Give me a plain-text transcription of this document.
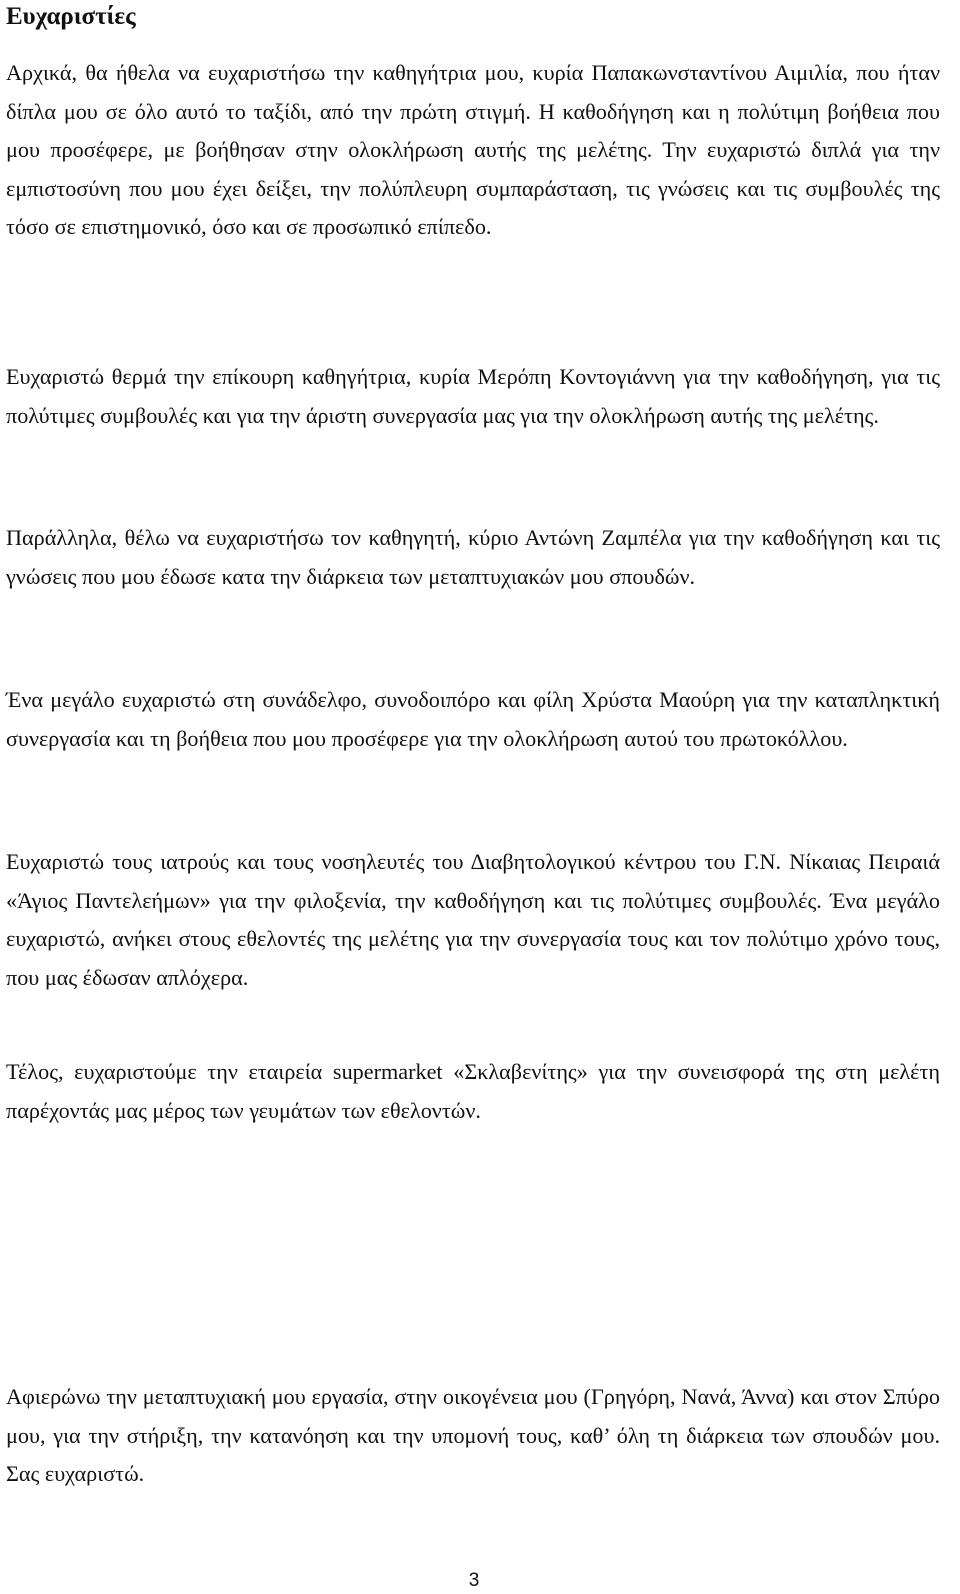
Ευχαριστίες

Αρχικά, θα ήθελα να ευχαριστήσω την καθηγήτρια μου, κυρία Παπακωνσταντίνου Αιμιλία, που ήταν δίπλα μου σε όλο αυτό το ταξίδι, από την πρώτη στιγμή. Η καθοδήγηση και η πολύτιμη βοήθεια που μου προσέφερε, με βοήθησαν στην ολοκλήρωση αυτής της μελέτης. Την ευχαριστώ διπλά για την εμπιστοσύνη που μου έχει δείξει, την πολύπλευρη συμπαράσταση, τις γνώσεις και τις συμβουλές της τόσο σε επιστημονικό, όσο και σε προσωπικό επίπεδο.

Ευχαριστώ θερμά την επίκουρη καθηγήτρια, κυρία Μερόπη Κοντογιάννη για την καθοδήγηση, για τις πολύτιμες συμβουλές και για την άριστη συνεργασία μας για την ολοκλήρωση αυτής της μελέτης.

Παράλληλα, θέλω να ευχαριστήσω τον καθηγητή, κύριο Αντώνη Ζαμπέλα για την καθοδήγηση και τις γνώσεις που μου έδωσε κατα την διάρκεια των μεταπτυχιακών μου σπουδών.

Ένα μεγάλο ευχαριστώ στη συνάδελφο, συνοδοιπόρο και φίλη Χρύστα Μαούρη για την καταπληκτική συνεργασία και τη βοήθεια που μου προσέφερε για την ολοκλήρωση αυτού του πρωτοκόλλου.

Ευχαριστώ τους ιατρούς και τους νοσηλευτές του Διαβητολογικού κέντρου του Γ.Ν. Νίκαιας Πειραιά «Άγιος Παντελεήμων» για την φιλοξενία, την καθοδήγηση και τις πολύτιμες συμβουλές. Ένα μεγάλο ευχαριστώ, ανήκει στους εθελοντές της μελέτης για την συνεργασία τους και τον πολύτιμο χρόνο τους, που μας έδωσαν απλόχερα.

Τέλος, ευχαριστούμε την εταιρεία supermarket «Σκλαβενίτης» για την συνεισφορά της στη μελέτη παρέχοντάς μας μέρος των γευμάτων των εθελοντών.

Αφιερώνω την μεταπτυχιακή μου εργασία, στην οικογένεια μου (Γρηγόρη, Νανά, Άννα) και στον Σπύρο μου, για την στήριξη, την κατανόηση και την υπομονή τους, καθ’ όλη τη διάρκεια των σπουδών μου. Σας ευχαριστώ.

3
